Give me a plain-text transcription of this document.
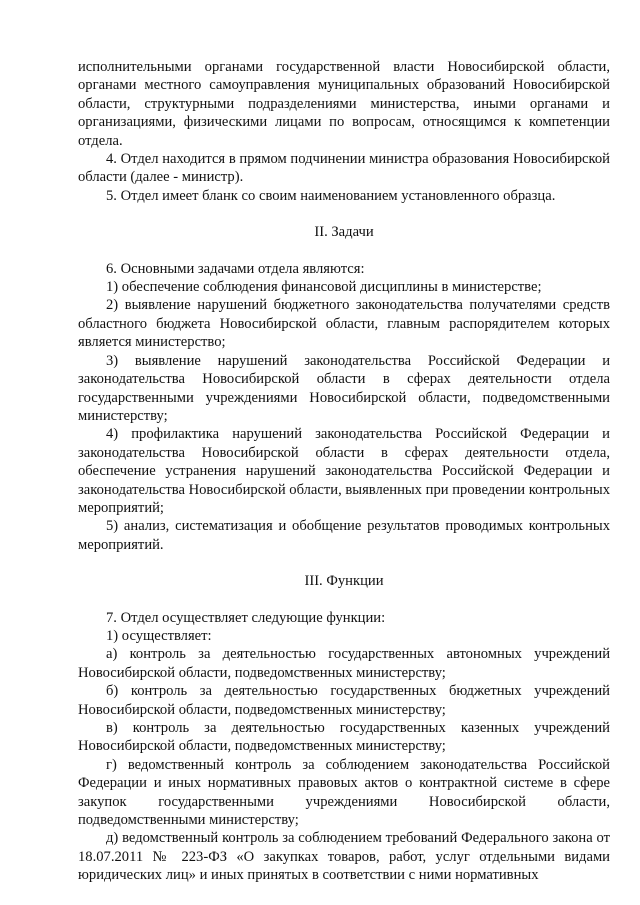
исполнительными органами государственной власти Новосибирской области, органами местного самоуправления муниципальных образований Новосибирской области, структурными подразделениями министерства, иными органами и организациями, физическими лицами по вопросам, относящимся к компетенции отдела.

4. Отдел находится в прямом подчинении министра образования Новосибирской области (далее - министр).

5. Отдел имеет бланк со своим наименованием установленного образца.

II. Задачи

6. Основными задачами отдела являются:

1) обеспечение соблюдения финансовой дисциплины в министерстве;

2) выявление нарушений бюджетного законодательства получателями средств областного бюджета Новосибирской области, главным распорядителем которых является министерство;

3) выявление нарушений законодательства Российской Федерации и законодательства Новосибирской области в сферах деятельности отдела государственными учреждениями Новосибирской области, подведомственными министерству;

4) профилактика нарушений законодательства Российской Федерации и законодательства Новосибирской области в сферах деятельности отдела, обеспечение устранения нарушений законодательства Российской Федерации и законодательства Новосибирской области, выявленных при проведении контрольных мероприятий;

5) анализ, систематизация и обобщение результатов проводимых контрольных мероприятий.

III. Функции

7. Отдел осуществляет следующие функции:

1) осуществляет:

а) контроль за деятельностью государственных автономных учреждений Новосибирской области, подведомственных министерству;

б) контроль за деятельностью государственных бюджетных учреждений Новосибирской области, подведомственных министерству;

в) контроль за деятельностью государственных казенных учреждений Новосибирской области, подведомственных министерству;

г) ведомственный контроль за соблюдением законодательства Российской Федерации и иных нормативных правовых актов о контрактной системе в сфере закупок государственными учреждениями Новосибирской области, подведомственными министерству;

д) ведомственный контроль за соблюдением требований Федерального закона от 18.07.2011 № 223-ФЗ «О закупках товаров, работ, услуг отдельными видами юридических лиц» и иных принятых в соответствии с ними нормативных
